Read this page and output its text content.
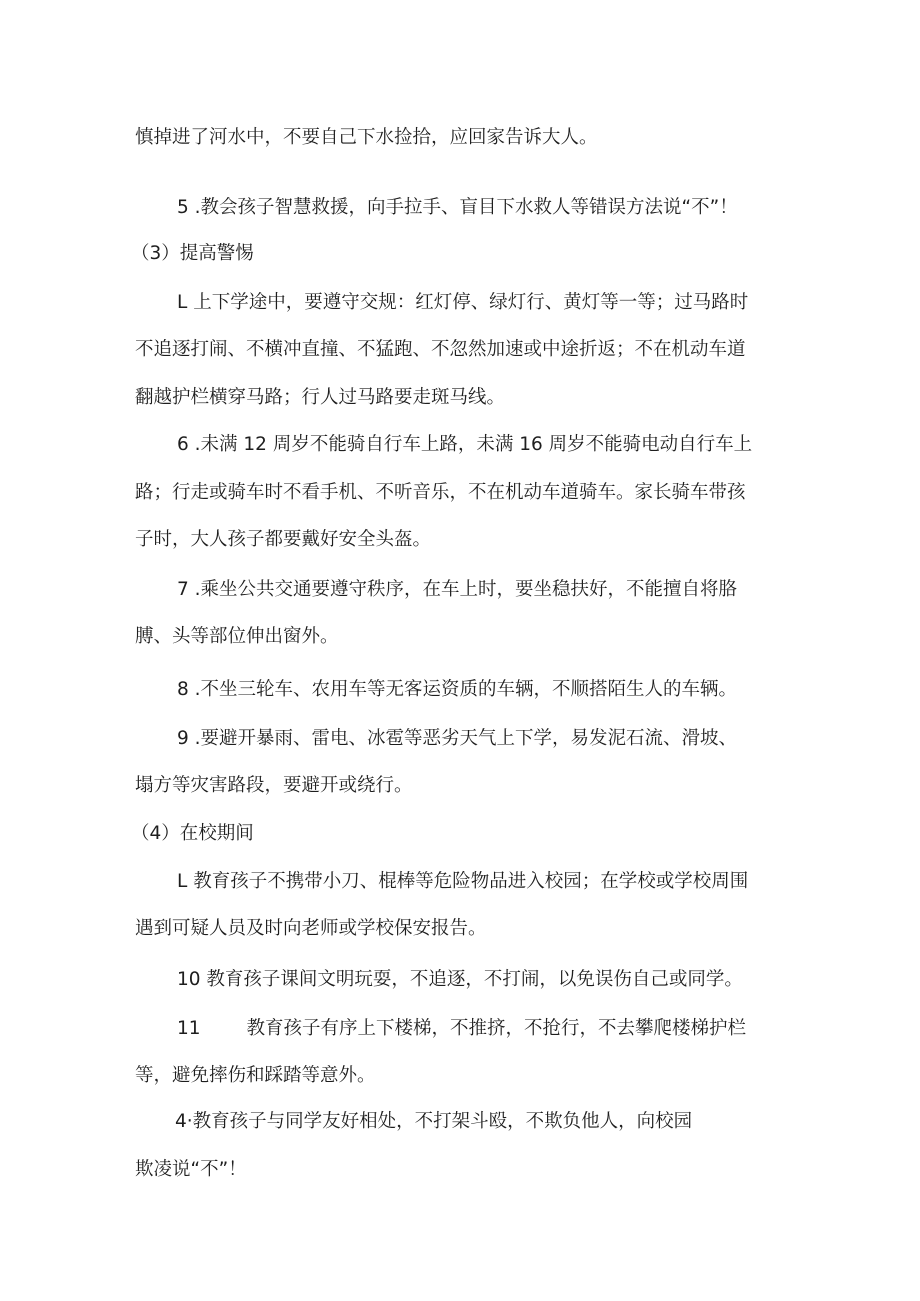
慎掉进了河水中，不要自己下水捡拾，应回家告诉大人。

5 .教会孩子智慧救援，向手拉手、盲目下水救人等错误方法说“不”！

（3）提高警惕

L 上下学途中，要遵守交规：红灯停、绿灯行、黄灯等一等；过马路时

不追逐打闹、不横冲直撞、不猛跑、不忽然加速或中途折返；不在机动车道

翻越护栏横穿马路；行人过马路要走斑马线。

6 .未满 12 周岁不能骑自行车上路，未满 16 周岁不能骑电动自行车上

路；行走或骑车时不看手机、不听音乐，不在机动车道骑车。家长骑车带孩

子时，大人孩子都要戴好安全头盔。

7 .乘坐公共交通要遵守秩序，在车上时，要坐稳扶好，不能擅自将胳

膊、头等部位伸出窗外。

8 .不坐三轮车、农用车等无客运资质的车辆，不顺搭陌生人的车辆。

9 .要避开暴雨、雷电、冰雹等恶劣天气上下学，易发泥石流、滑坡、

塌方等灾害路段，要避开或绕行。

（4）在校期间

L 教育孩子不携带小刀、棍棒等危险物品进入校园；在学校或学校周围

遇到可疑人员及时向老师或学校保安报告。

10 教育孩子课间文明玩耍，不追逐，不打闹，以免误伤自己或同学。

11 教育孩子有序上下楼梯，不推挤，不抢行，不去攀爬楼梯护栏

等，避免摔伤和踩踏等意外。

4·教育孩子与同学友好相处，不打架斗殴，不欺负他人，向校园

欺凌说“不”！
